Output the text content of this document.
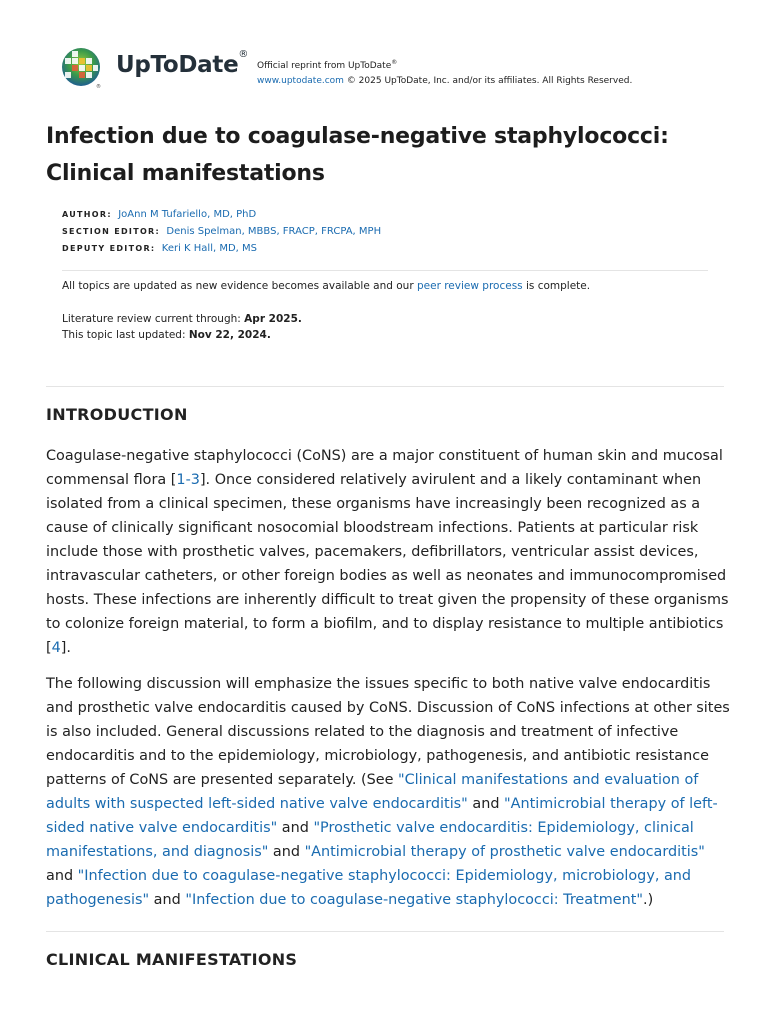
®
UpToDate®
Official reprint from UpToDate®
www.uptodate.com © 2025 UpToDate, Inc. and/or its affiliates. All Rights Reserved.
Infection due to coagulase-negative staphylococci:
Clinical manifestations
AUTHOR: JoAnn M Tufariello, MD, PhD
SECTION EDITOR: Denis Spelman, MBBS, FRACP, FRCPA, MPH
DEPUTY EDITOR: Keri K Hall, MD, MS
All topics are updated as new evidence becomes available and our peer review process is complete.
Literature review current through: Apr 2025.
This topic last updated: Nov 22, 2024.
INTRODUCTION

Coagulase-negative staphylococci (CoNS) are a major constituent of human skin and mucosal commensal flora [1-3]. Once considered relatively avirulent and a likely contaminant when isolated from a clinical specimen, these organisms have increasingly been recognized as a cause of clinically significant nosocomial bloodstream infections. Patients at particular risk include those with prosthetic valves, pacemakers, defibrillators, ventricular assist devices, intravascular catheters, or other foreign bodies as well as neonates and immunocompromised hosts. These infections are inherently difficult to treat given the propensity of these organisms to colonize foreign material, to form a biofilm, and to display resistance to multiple antibiotics [4].

The following discussion will emphasize the issues specific to both native valve endocarditis and prosthetic valve endocarditis caused by CoNS. Discussion of CoNS infections at other sites is also included. General discussions related to the diagnosis and treatment of infective endocarditis and to the epidemiology, microbiology, pathogenesis, and antibiotic resistance patterns of CoNS are presented separately. (See "Clinical manifestations and evaluation of adults with suspected left-sided native valve endocarditis" and "Antimicrobial therapy of left-sided native valve endocarditis" and "Prosthetic valve endocarditis: Epidemiology, clinical manifestations, and diagnosis" and "Antimicrobial therapy of prosthetic valve endocarditis" and "Infection due to coagulase-negative staphylococci: Epidemiology, microbiology, and pathogenesis" and "Infection due to coagulase-negative staphylococci: Treatment".)

CLINICAL MANIFESTATIONS
